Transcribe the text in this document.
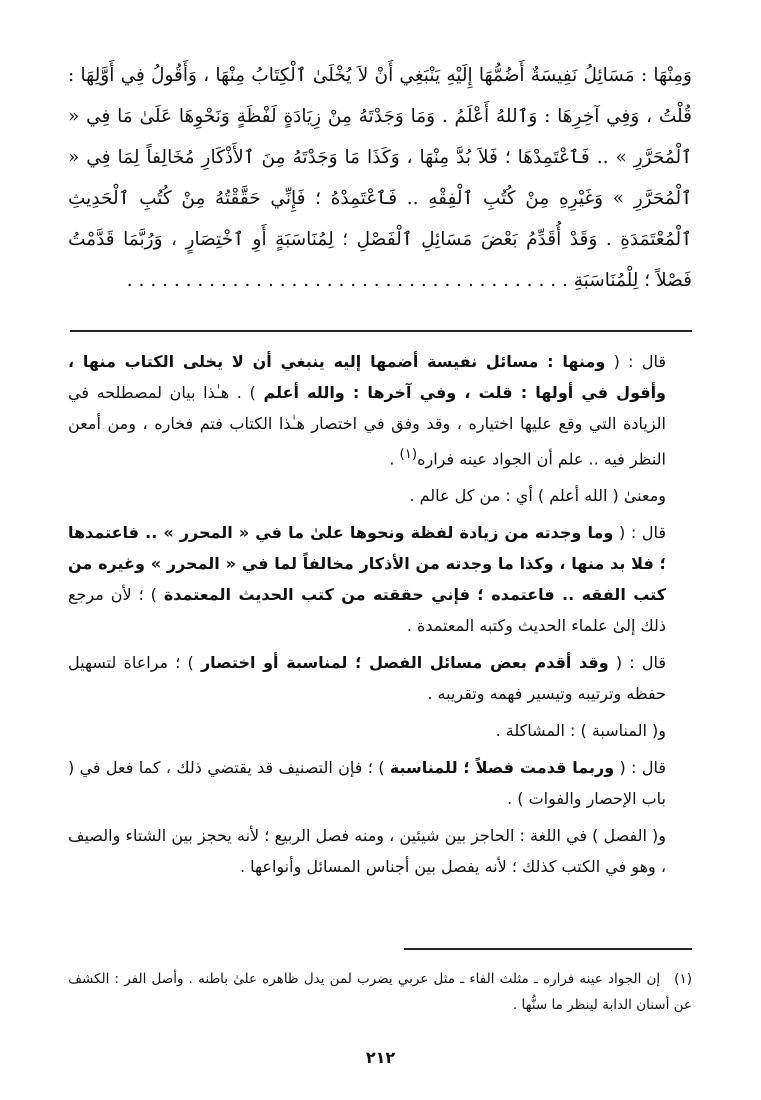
وَمِنْهَا : مَسَائِلُ نَفِيسَةٌ أَضُمُّهَا إِلَيْهِ يَنْبَغِي أَنْ لاَ يُخْلَىٰ ٱلْكِتَابُ مِنْهَا ، وَأَقُولُ فِي أَوَّلِهَا : قُلْتُ ، وَفِي آخِرِهَا : وَٱللهُ أَعْلَمُ . وَمَا وَجَدْتَهُ مِنْ زِيَادَةٍ لَفْظَةٍ وَنَحْوِهَا عَلَىٰ مَا فِي « ٱلْمُحَرَّرِ » .. فَٱعْتَمِدْهَا ؛ فَلاَ بُدَّ مِنْهَا ، وَكَذَا مَا وَجَدْتَهُ مِنَ ٱلأَذْكَارِ مُخَالِفاً لِمَا فِي « ٱلْمُحَرَّرِ » وَغَيْرِهِ مِنْ كُتُبِ ٱلْفِقْهِ .. فَٱعْتَمِدْهُ ؛ فَإِنِّي حَقَّقْتُهُ مِنْ كُتُبِ ٱلْحَدِيثِ ٱلْمُعْتَمَدَةِ . وَقَدْ أُقَدِّمُ بَعْضَ مَسَائِلِ ٱلْفَصْلِ ؛ لِمُنَاسَبَةٍ أَوِ ٱخْتِصَارٍ ، وَرُبَّمَا قَدَّمْتُ فَصْلاً ؛ لِلْمُنَاسَبَةِ . . . . . . . . . . . . . . . . . . . . . . . . . . . . . . . . . . . . . .

قال : ( ومنها : مسائل نفيسة أضمها إليه ينبغي أن لا يخلى الكتاب منها ، وأقول في أولها : قلت ، وفي آخرها : والله أعلم ) . هـٰذا بيان لمصطلحه في الزيادة التي وقع عليها اختياره ، وقد وفق في اختصار هـٰذا الكتاب فتم فخاره ، ومن أمعن النظر فيه .. علم أن الجواد عينه فراره$^{(١)}$ .

ومعنىٰ ( الله أعلم ) أي : من كل عالم .

قال : ( وما وجدته من زيادة لفظة ونحوها علىٰ ما في « المحرر » .. فاعتمدها ؛ فلا بد منها ، وكذا ما وجدته من الأذكار مخالفاً لما في « المحرر » وغيره من كتب الفقه .. فاعتمده ؛ فإني حققته من كتب الحديث المعتمدة ) ؛ لأن مرجع ذلك إلىٰ علماء الحديث وكتبه المعتمدة .

قال : ( وقد أقدم بعض مسائل الفصل ؛ لمناسبة أو اختصار ) ؛ مراعاة لتسهيل حفظه وترتيبه وتيسير فهمه وتقريبه .

و( المناسبة ) : المشاكلة .

قال : ( وربما قدمت فصلاً ؛ للمناسبة ) ؛ فإن التصنيف قد يقتضي ذلك ، كما فعل في ( باب الإحصار والفوات ) .

و( الفصل ) في اللغة : الحاجز بين شيئين ، ومنه فصل الربيع ؛ لأنه يحجز بين الشتاء والصيف ، وهو في الكتب كذلك ؛ لأنه يفصل بين أجناس المسائل وأنواعها .

(١)إن الجواد عينه فراره ـ مثلث الفاء ـ مثل عربي يضرب لمن يدل ظاهره علىٰ باطنه . وأصل الفر : الكشف عن أسنان الدابة لينظر ما سنُّها .

٢١٢
